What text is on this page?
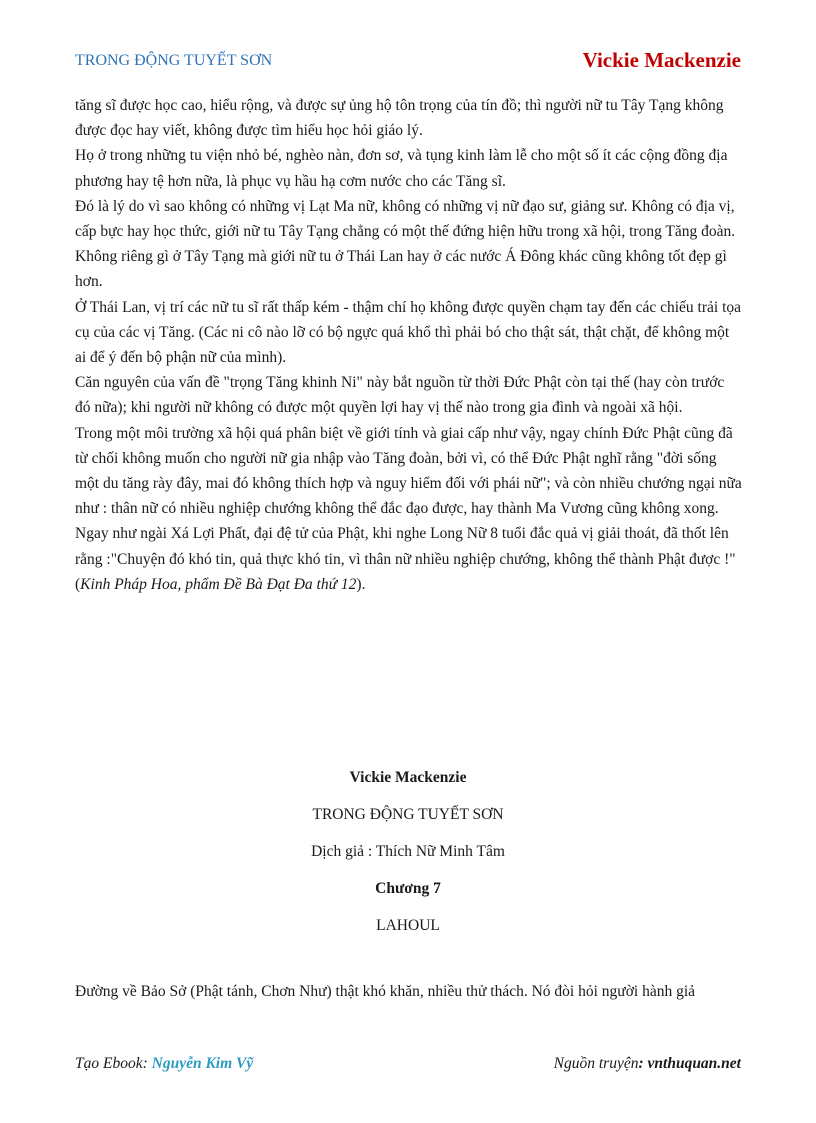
TRONG ĐỘNG TUYẾT SƠN	Vickie Mackenzie

tăng sĩ được học cao, hiểu rộng, và được sự ủng hộ tôn trọng của tín đồ; thì người nữ tu Tây Tạng không được đọc hay viết, không được tìm hiểu học hỏi giáo lý.

Họ ở trong những tu viện nhỏ bé, nghèo nàn, đơn sơ, và tụng kinh làm lễ cho một số ít các cộng đồng địa phương hay tệ hơn nữa, là phục vụ hầu hạ cơm nước cho các Tăng sĩ.

Đó là lý do vì sao không có những vị Lạt Ma nữ, không có những vị nữ đạo sư, giảng sư. Không có địa vị, cấp bực hay học thức, giới nữ tu Tây Tạng chẳng có một thế đứng hiện hữu trong xã hội, trong Tăng đoàn.

Không riêng gì ở Tây Tạng mà giới nữ tu ở Thái Lan hay ở các nước Á Đông khác cũng không tốt đẹp gì hơn.

Ở Thái Lan, vị trí các nữ tu sĩ rất thấp kém - thậm chí họ không được quyền chạm tay đến các chiếu trải tọa cụ của các vị Tăng. (Các ni cô nào lỡ có bộ ngực quá khổ thì phải bó cho thật sát, thật chặt, để không một ai để ý đến bộ phận nữ của mình).

Căn nguyên của vấn đề "trọng Tăng khinh Ni" này bắt nguồn từ thời Đức Phật còn tại thế (hay còn trước đó nữa); khi người nữ không có được một quyền lợi hay vị thế nào trong gia đình và ngoài xã hội.

Trong một môi trường xã hội quá phân biệt về giới tính và giai cấp như vậy, ngay chính Đức Phật cũng đã từ chối không muốn cho người nữ gia nhập vào Tăng đoàn, bởi vì, có thể Đức Phật nghĩ rằng "đời sống một du tăng rày đây, mai đó không thích hợp và nguy hiểm đối với phái nữ"; và còn nhiều chướng ngại nữa như : thân nữ có nhiều nghiệp chướng không thể đắc đạo được, hay thành Ma Vương cũng không xong. Ngay như ngài Xá Lợi Phất, đại đệ tử của Phật, khi nghe Long Nữ 8 tuổi đắc quả vị giải thoát, đã thốt lên rằng :"Chuyện đó khó tin, quả thực khó tin, vì thân nữ nhiều nghiệp chướng, không thể thành Phật được !" (Kinh Pháp Hoa, phẩm Đề Bà Đạt Đa thứ 12).

Vickie Mackenzie
TRONG ĐỘNG TUYẾT SƠN
Dịch giả : Thích Nữ Minh Tâm
Chương 7
LAHOUL
Đường về Bảo Sở (Phật tánh, Chơn Như) thật khó khăn, nhiều thử thách. Nó đòi hỏi người hành giả
Tạo Ebook: Nguyễn Kim Vỹ	Nguồn truyện: vnthuquan.net
